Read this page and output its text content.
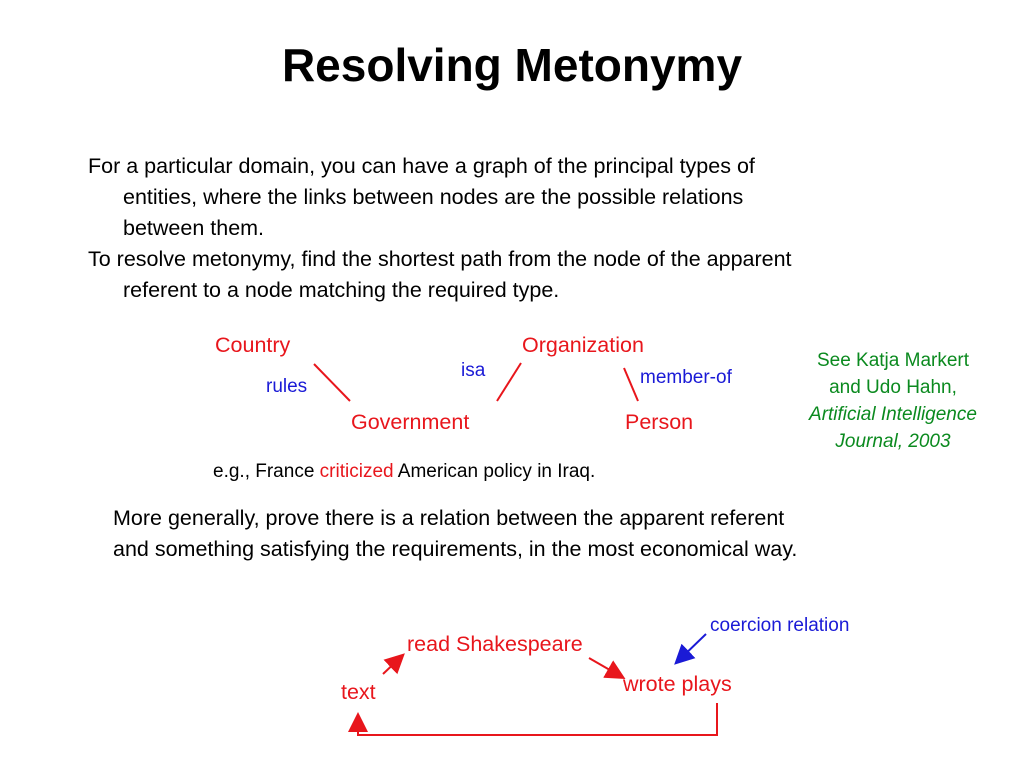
Resolving Metonymy
For a particular domain, you can have a graph of the principal types of
entities, where the links between nodes are the possible relations
between them.
To resolve metonymy, find the shortest path from the node of the apparent
referent to a node matching the required type.
Country	Organization
Government	Person
rules
isa	member-of
See Katja Markert
and Udo Hahn,
Artificial Intelligence
Journal, 2003
e.g., France criticized American policy in Iraq.
More generally, prove there is a relation between the apparent referent
and something satisfying the requirements, in the most economical way.
read Shakespeare
wrote plays
text
coercion relation
